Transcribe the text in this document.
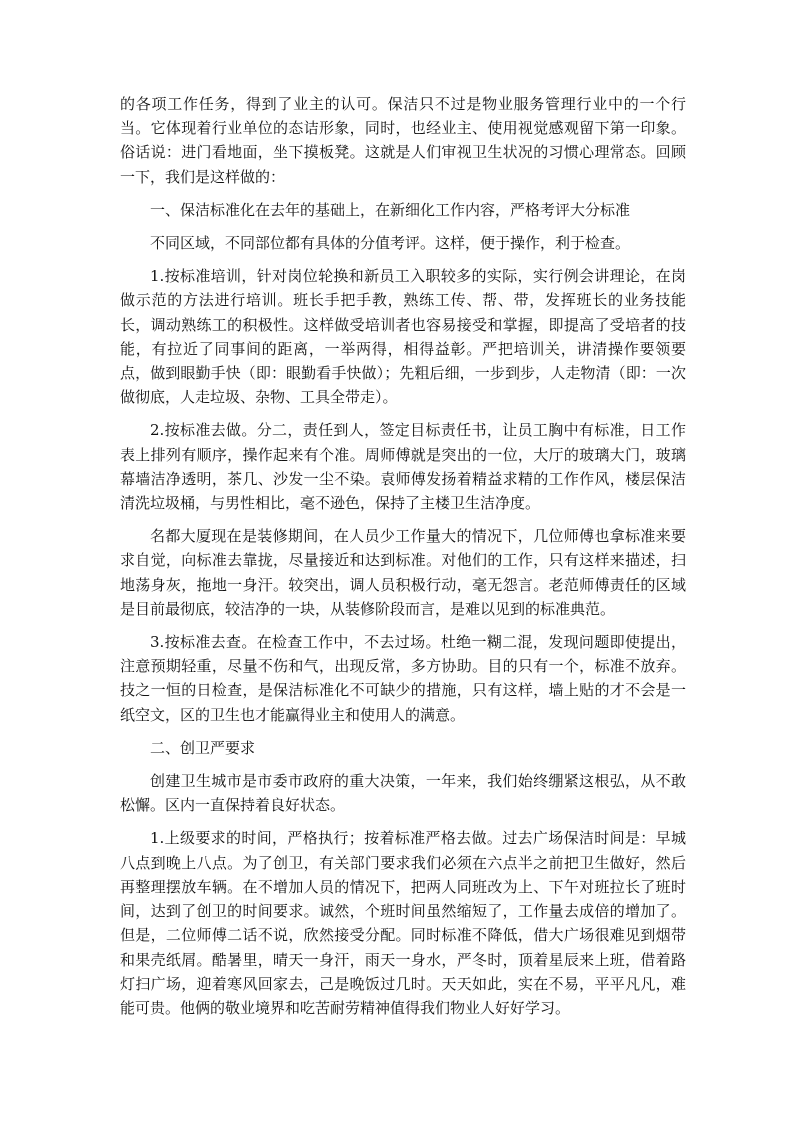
的各项工作任务，得到了业主的认可。保洁只不过是物业服务管理行业中的一个行当。它体现着行业单位的态诘形象，同时，也经业主、使用视觉感观留下第一印象。俗话说：进门看地面，坐下摸板凳。这就是人们审视卫生状况的习惯心理常态。回顾一下，我们是这样做的：

一、保洁标准化在去年的基础上，在新细化工作内容，严格考评大分标准

不同区域，不同部位都有具体的分值考评。这样，便于操作，利于检查。

1.按标准培训，针对岗位轮换和新员工入职较多的实际，实行例会讲理论，在岗做示范的方法进行培训。班长手把手教，熟练工传、帮、带，发挥班长的业务技能长，调动熟练工的积极性。这样做受培训者也容易接受和掌握，即提高了受培者的技能，有拉近了同事间的距离，一举两得，相得益彰。严把培训关，讲清操作要领要点，做到眼勤手快（即：眼勤看手快做）；先粗后细，一步到步，人走物清（即：一次做彻底，人走垃圾、杂物、工具全带走）。

2.按标准去做。分二，责任到人，签定目标责任书，让员工胸中有标准，日工作表上排列有顺序，操作起来有个准。周师傅就是突出的一位，大厅的玻璃大门，玻璃幕墙洁净透明，茶几、沙发一尘不染。袁师傅发扬着精益求精的工作作风，楼层保洁清洗垃圾桶，与男性相比，毫不逊色，保持了主楼卫生洁净度。

名都大厦现在是装修期间，在人员少工作量大的情况下，几位师傅也拿标准来要求自觉，向标准去靠拢，尽量接近和达到标准。对他们的工作，只有这样来描述，扫地荡身灰，拖地一身汗。较突出，调人员积极行动，毫无怨言。老范师傅责任的区域是目前最彻底，较洁净的一块，从装修阶段而言，是难以见到的标准典范。

3.按标准去查。在检查工作中，不去过场。杜绝一糊二混，发现问题即使提出，注意预期轻重，尽量不伤和气，出现反常，多方协助。目的只有一个，标准不放弃。技之一恒的日检查，是保洁标准化不可缺少的措施，只有这样，墙上贴的才不会是一纸空文，区的卫生也才能赢得业主和使用人的满意。

二、创卫严要求

创建卫生城市是市委市政府的重大决策，一年来，我们始终绷紧这根弘，从不敢松懈。区内一直保持着良好状态。

1.上级要求的时间，严格执行；按着标准严格去做。过去广场保洁时间是：早城八点到晚上八点。为了创卫，有关部门要求我们必须在六点半之前把卫生做好，然后再整理摆放车辆。在不增加人员的情况下，把两人同班改为上、下午对班拉长了班时间，达到了创卫的时间要求。诚然，个班时间虽然缩短了，工作量去成倍的增加了。但是，二位师傅二话不说，欣然接受分配。同时标准不降低，借大广场很难见到烟带和果壳纸屑。酷暑里，晴天一身汗，雨天一身水，严冬时，顶着星辰来上班，借着路灯扫广场，迎着寒风回家去，己是晚饭过几时。天天如此，实在不易，平平凡凡，难能可贵。他俩的敬业境界和吃苦耐劳精神值得我们物业人好好学习。
